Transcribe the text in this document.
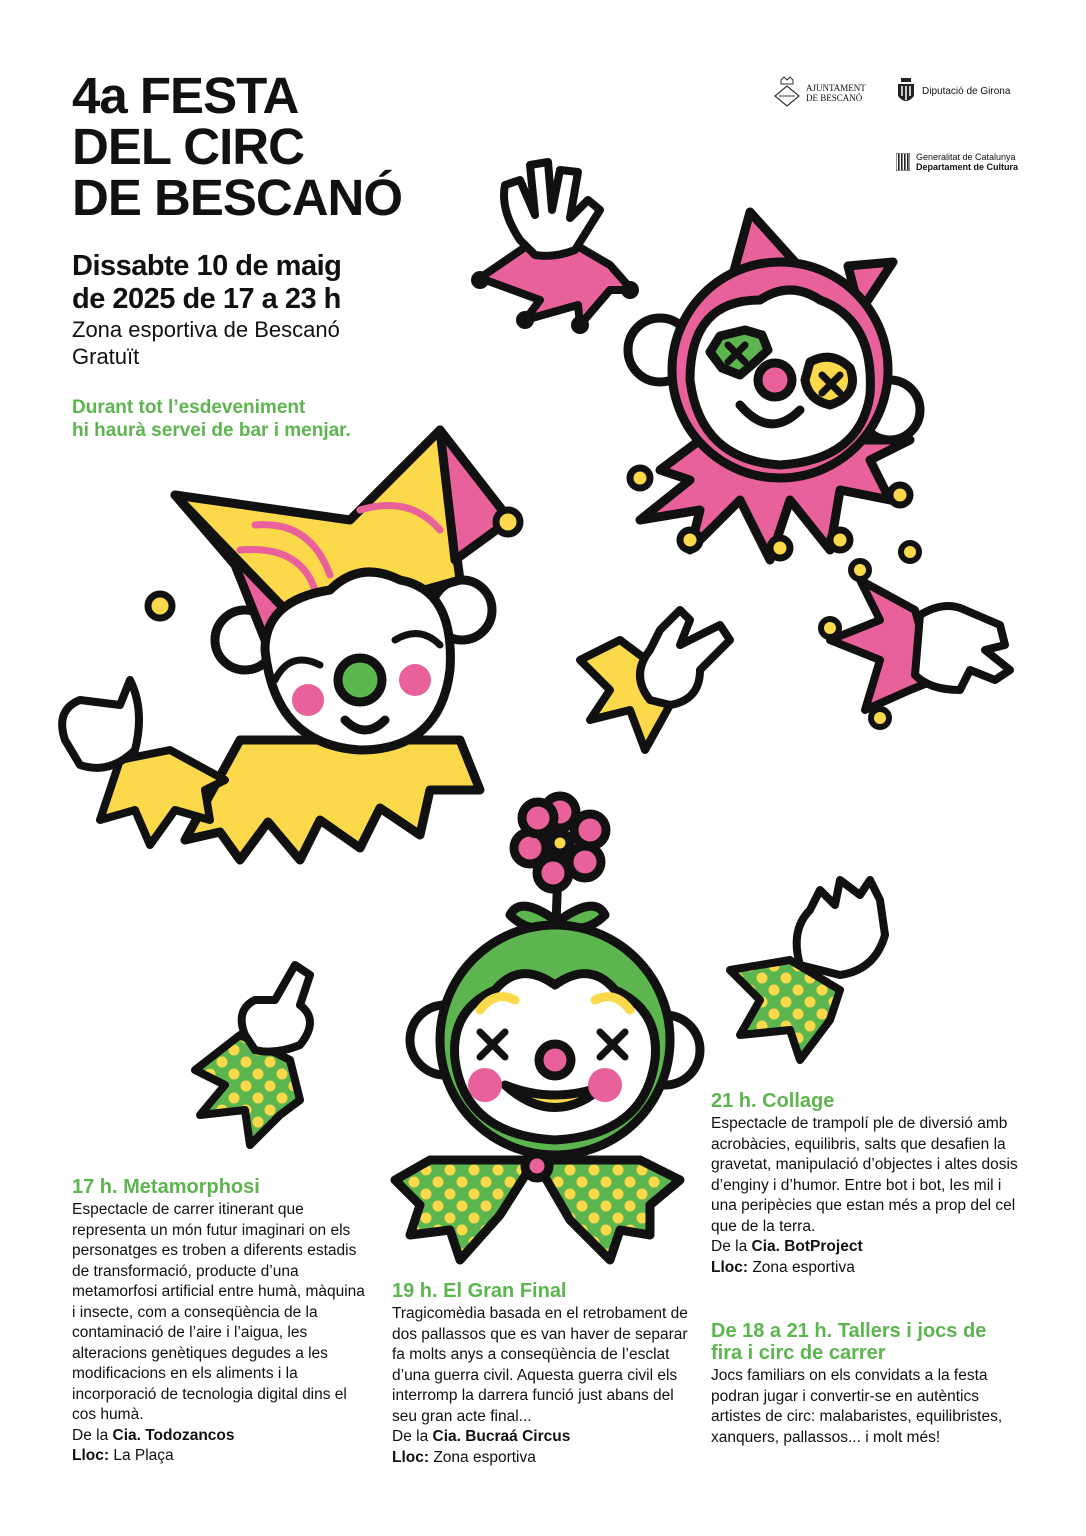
4a FESTA
DEL CIRC
DE BESCANÓ
Dissabte 10 de maig
de 2025 de 17 a 23 h
Zona esportiva de Bescanó
Gratuït
Durant tot l’esdeveniment
hi haurà servei de bar i menjar.
AJUNTAMENT
DE BESCANÓ
Diputació de Girona
Generalitat de Catalunya
Departament de Cultura
17 h. Metamorphosi

Espectacle de carrer itinerant que representa un món futur imaginari on els personatges es troben a diferents estadis de transformació, producte d’una metamorfosi artificial entre humà, màquina i insecte, com a conseqüència de la contaminació de l’aire i l’aigua, les alteracions genètiques degudes a les modificacions en els aliments i la incorporació de tecnologia digital dins el cos humà.

De la Cia. Todozancos
Lloc: La Plaça
19 h. El Gran Final

Tragicomèdia basada en el retrobament de dos pallassos que es van haver de separar fa molts anys a conseqüència de l’esclat d’una guerra civil. Aquesta guerra civil els interromp la darrera funció just abans del seu gran acte final...

De la Cia. Bucraá Circus
Lloc: Zona esportiva
21 h. Collage

Espectacle de trampolí ple de diversió amb acrobàcies, equilibris, salts que desafien la gravetat, manipulació d’objectes i altes dosis d’enginy i d’humor. Entre bot i bot, les mil i una peripècies que estan més a prop del cel que de la terra.

De la Cia. BotProject
Lloc: Zona esportiva
De 18 a 21 h. Tallers i jocs de fira i circ de carrer

Jocs familiars on els convidats a la festa podran jugar i convertir-se en autèntics artistes de circ: malabaristes, equilibristes, xanquers, pallassos... i molt més!
